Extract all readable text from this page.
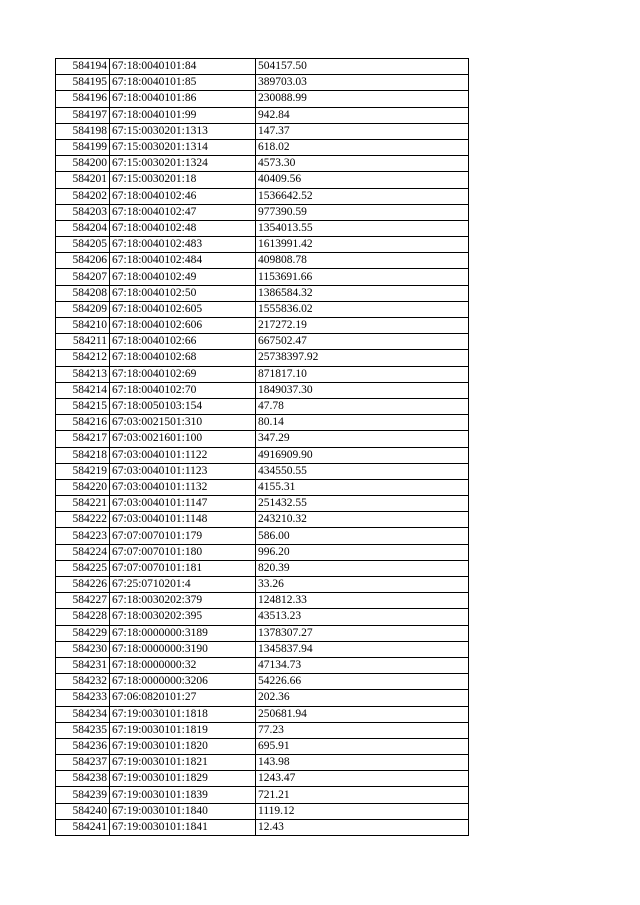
584194	67:18:0040101:84	504157.50
584195	67:18:0040101:85	389703.03
584196	67:18:0040101:86	230088.99
584197	67:18:0040101:99	942.84
584198	67:15:0030201:1313	147.37
584199	67:15:0030201:1314	618.02
584200	67:15:0030201:1324	4573.30
584201	67:15:0030201:18	40409.56
584202	67:18:0040102:46	1536642.52
584203	67:18:0040102:47	977390.59
584204	67:18:0040102:48	1354013.55
584205	67:18:0040102:483	1613991.42
584206	67:18:0040102:484	409808.78
584207	67:18:0040102:49	1153691.66
584208	67:18:0040102:50	1386584.32
584209	67:18:0040102:605	1555836.02
584210	67:18:0040102:606	217272.19
584211	67:18:0040102:66	667502.47
584212	67:18:0040102:68	25738397.92
584213	67:18:0040102:69	871817.10
584214	67:18:0040102:70	1849037.30
584215	67:18:0050103:154	47.78
584216	67:03:0021501:310	80.14
584217	67:03:0021601:100	347.29
584218	67:03:0040101:1122	4916909.90
584219	67:03:0040101:1123	434550.55
584220	67:03:0040101:1132	4155.31
584221	67:03:0040101:1147	251432.55
584222	67:03:0040101:1148	243210.32
584223	67:07:0070101:179	586.00
584224	67:07:0070101:180	996.20
584225	67:07:0070101:181	820.39
584226	67:25:0710201:4	33.26
584227	67:18:0030202:379	124812.33
584228	67:18:0030202:395	43513.23
584229	67:18:0000000:3189	1378307.27
584230	67:18:0000000:3190	1345837.94
584231	67:18:0000000:32	47134.73
584232	67:18:0000000:3206	54226.66
584233	67:06:0820101:27	202.36
584234	67:19:0030101:1818	250681.94
584235	67:19:0030101:1819	77.23
584236	67:19:0030101:1820	695.91
584237	67:19:0030101:1821	143.98
584238	67:19:0030101:1829	1243.47
584239	67:19:0030101:1839	721.21
584240	67:19:0030101:1840	1119.12
584241	67:19:0030101:1841	12.43
